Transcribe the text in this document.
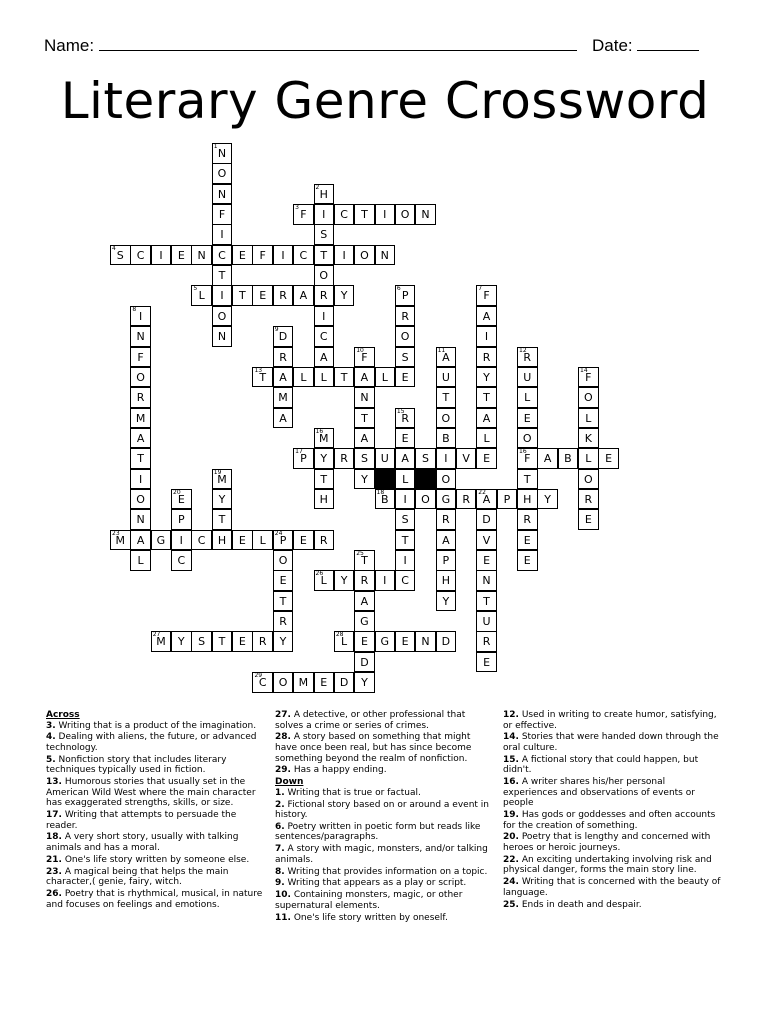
Name:	Date:
Literary Genre Crossword
1
N
O
N
F
I
C
T
I
O
N
2
H
I
S
T
O
R
I
C
A
L
3
F	C	T	I	O	N
4
S	C	I	E	N	E	F	I	C	I	O	N
5
L	T	E	R	A	Y
6
P
R
O
S
E
7
F
A
I
R
Y
T
A
L
E
8
I
N
F
O
R
M
A
T
I
O
N
A
L
9
D
R
A
M
A
10
F
A
N
T
A
S
Y
11
A
U
T
O
B
I
O
G
R
A
P
H
Y
12
R
U
L
E
O
16
F
T
H
R
E
E
13
T	L	T	L
14
F
O
L
K
L
O
R
E
15
R
E
A
L
I
S
T
I
C
16
M
Y
T
H
A	B	E
17
P	R	U	S	V
18
B	O	R
22
A	P	Y
19
M
Y
T
H
20
E
P
I
C
D
V
E
N
T
U
R
E
23
M	G	C	E	L
24
P	E	R
O
E
T
R
Y
25
T
R
A
G
E
D
Y
26
L	Y	I
27
M	Y	S	T	E	R
28
L	G	E	N	D
29
C	O	M	E	D

Across

3. Writing that is a product of the imagination.

4. Dealing with aliens, the future, or advanced technology.

5. Nonfiction story that includes literary techniques typically used in fiction.

13. Humorous stories that usually set in the American Wild West where the main character has exaggerated strengths, skills, or size.

17. Writing that attempts to persuade the reader.

18. A very short story, usually with talking animals and has a moral.

21. One's life story written by someone else.

23. A magical being that helps the main character,( genie, fairy, witch.

26. Poetry that is rhythmical, musical, in nature and focuses on feelings and emotions.

27. A detective, or other professional that solves a crime or series of crimes.

28. A story based on something that might have once been real, but has since become something beyond the realm of nonfiction.

29. Has a happy ending.

Down

1. Writing that is true or factual.

2. Fictional story based on or around a event in history.

6. Poetry written in poetic form but reads like sentences/paragraphs.

7. A story with magic, monsters, and/or talking animals.

8. Writing that provides information on a topic.

9. Writing that appears as a play or script.

10. Containing monsters, magic, or other supernatural elements.

11. One's life story written by oneself.

12. Used in writing to create humor, satisfying, or effective.

14. Stories that were handed down through the oral culture.

15. A fictional story that could happen, but didn't.

16. A writer shares his/her personal experiences and observations of events or people

19. Has gods or goddesses and often accounts for the creation of something.

20. Poetry that is lengthy and concerned with heroes or heroic journeys.

22. An exciting undertaking involving risk and physical danger, forms the main story line.

24. Writing that is concerned with the beauty of language.

25. Ends in death and despair.
